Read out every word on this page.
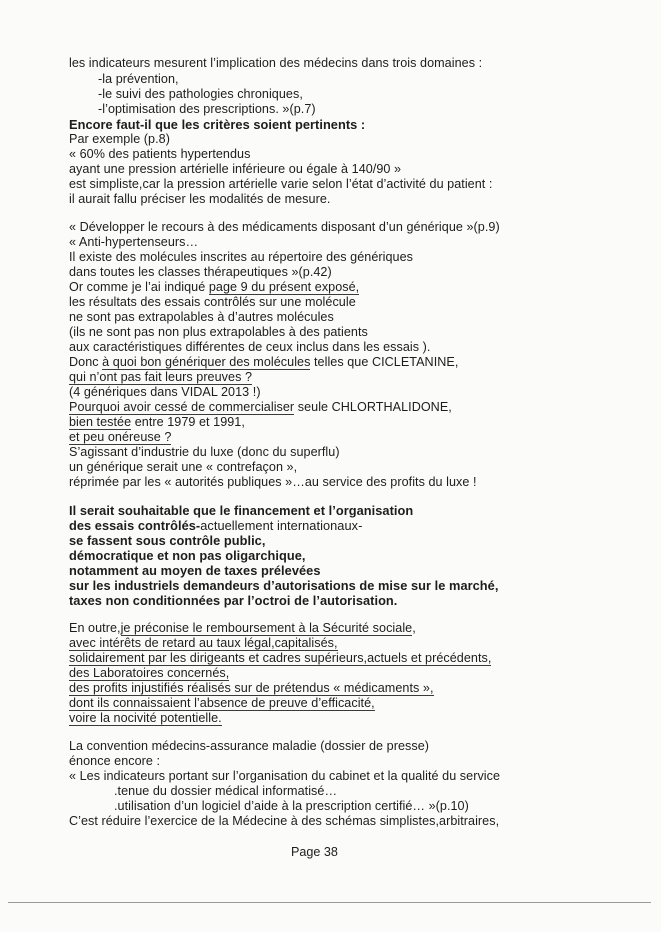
les indicateurs mesurent l’implication des médecins dans trois domaines :
-la prévention,
-le suivi des pathologies chroniques,
-l’optimisation des prescriptions. »(p.7)
Encore faut-il que les critères soient pertinents :
Par exemple (p.8)
« 60% des patients hypertendus
ayant une pression artérielle inférieure ou égale à 140/90 »
est simpliste,car la pression artérielle varie selon l’état d’activité du patient :
il aurait fallu préciser les modalités de mesure.
« Développer le recours à des médicaments disposant d’un générique »(p.9)
« Anti-hypertenseurs…
Il existe des molécules inscrites au répertoire des génériques
dans toutes les classes thérapeutiques »(p.42)
Or comme je l’ai indiqué page 9 du présent exposé,
les résultats des essais contrôlés sur une molécule
ne sont pas extrapolables à d’autres molécules
(ils ne sont pas non plus extrapolables à des patients
aux caractéristiques différentes de ceux inclus dans les essais ).
Donc à quoi bon génériquer des molécules telles que CICLETANINE,
qui n’ont pas fait leurs preuves ?
(4 génériques dans VIDAL 2013 !)
Pourquoi avoir cessé de commercialiser seule CHLORTHALIDONE,
bien testée entre 1979 et 1991,
et peu onéreuse ?
S’agissant d’industrie du luxe (donc du superflu)
un générique serait une « contrefaçon »,
réprimée par les « autorités publiques »…au service des profits du luxe !
Il serait souhaitable que le financement et l’organisation
des essais contrôlés-actuellement internationaux-
se fassent sous contrôle public,
démocratique et non pas oligarchique,
notamment au moyen de taxes prélevées
sur les industriels demandeurs d’autorisations de mise sur le marché,
taxes non conditionnées par l’octroi de l’autorisation.
En outre,je préconise le remboursement à la Sécurité sociale,
avec intérêts de retard au taux légal,capitalisés,
solidairement par les dirigeants et cadres supérieurs,actuels et précédents,
des Laboratoires concernés,
des profits injustifiés réalisés sur de prétendus « médicaments »,
dont ils connaissaient l’absence de preuve d’efficacité,
voire la nocivité potentielle.
La convention médecins-assurance maladie (dossier de presse)
énonce encore :
« Les indicateurs portant sur l’organisation du cabinet et la qualité du service
.tenue du dossier médical informatisé…
.utilisation d’un logiciel d’aide à la prescription certifié… »(p.10)
C’est réduire l’exercice de la Médecine à des schémas simplistes,arbitraires,
Page 38
